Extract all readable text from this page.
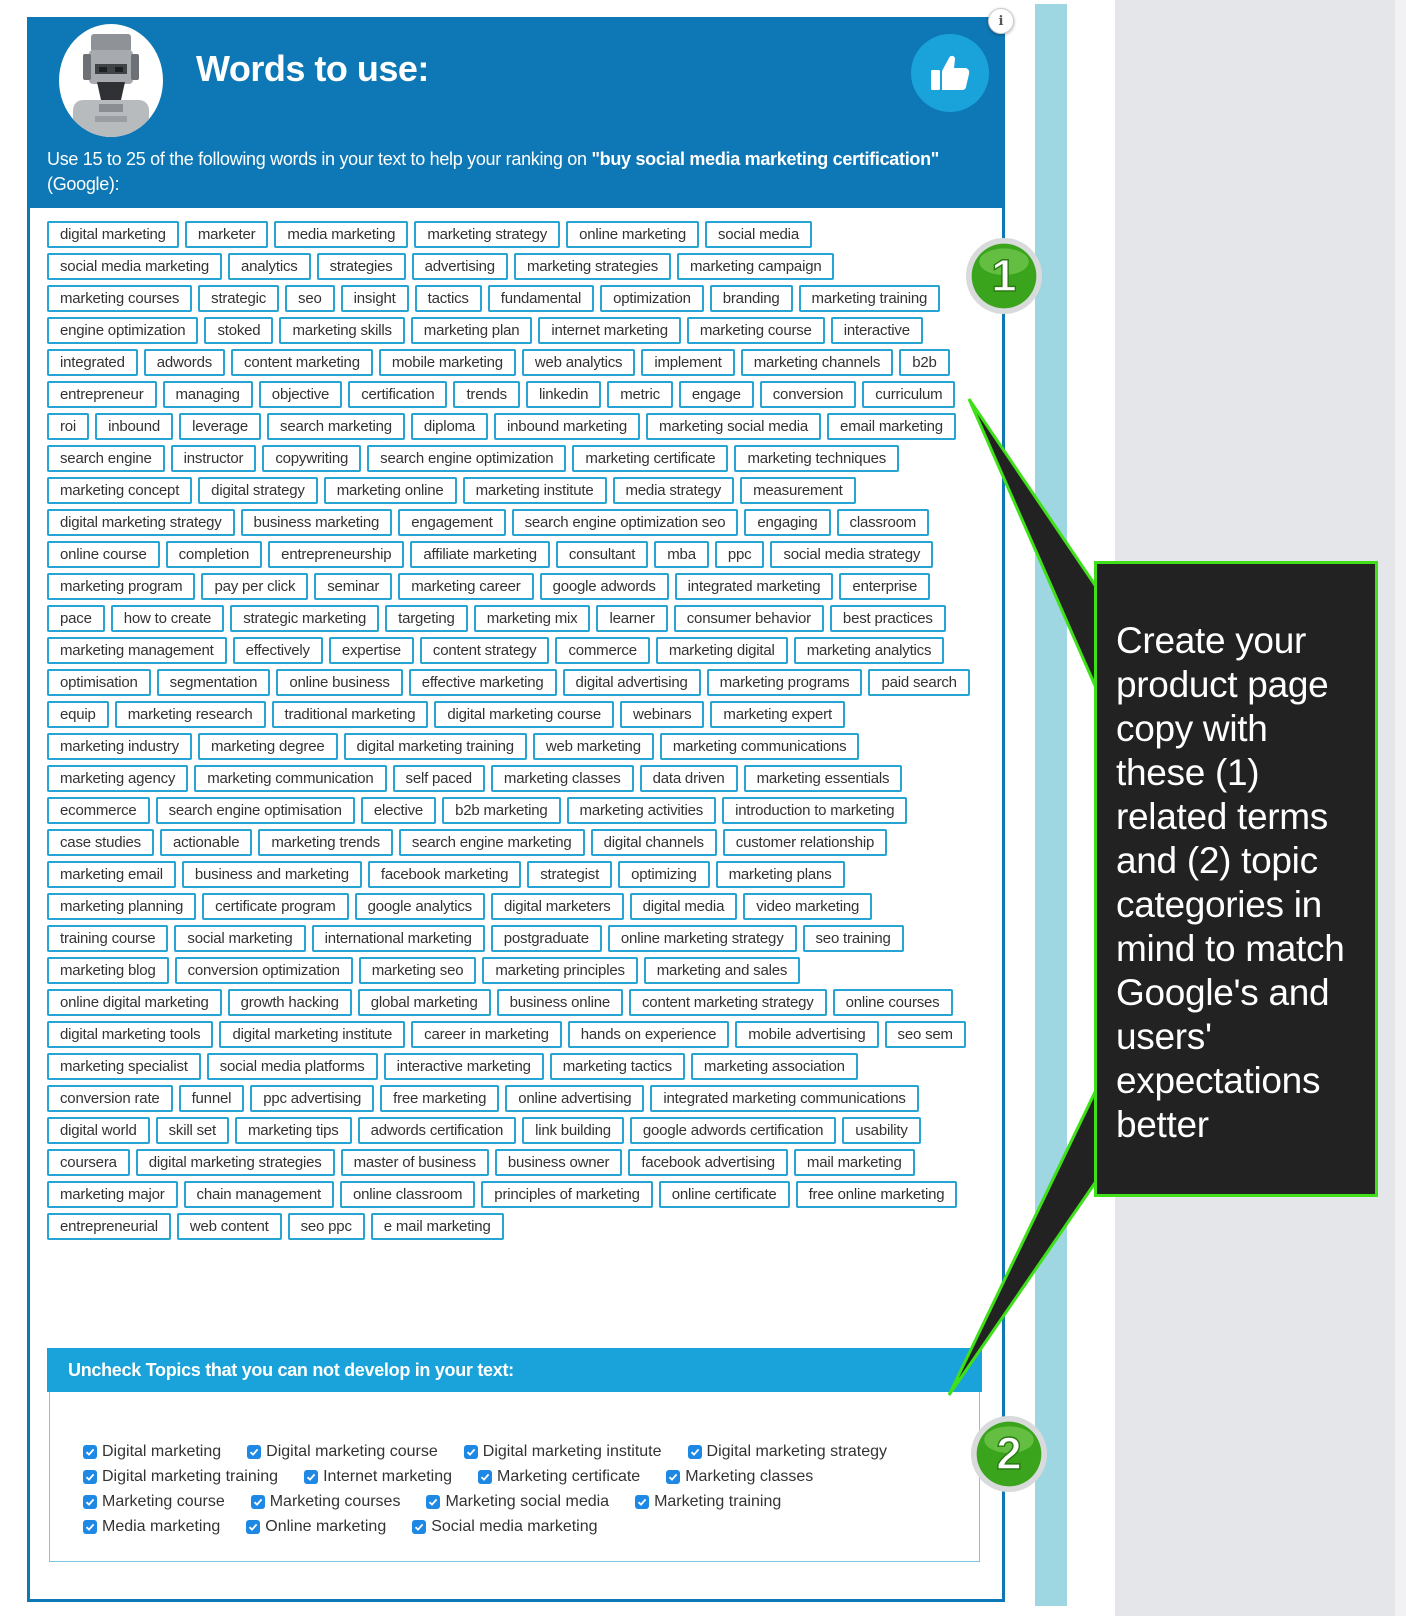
Words to use:
Use 15 to 25 of the following words in your text to help your ranking on "buy social media marketing certification" (Google):
i
digital marketing	marketer	media marketing	marketing strategy	online marketing	social media
social media marketing	analytics	strategies	advertising	marketing strategies	marketing campaign
marketing courses	strategic	seo	insight	tactics	fundamental	optimization	branding	marketing training
engine optimization	stoked	marketing skills	marketing plan	internet marketing	marketing course	interactive
integrated	adwords	content marketing	mobile marketing	web analytics	implement	marketing channels	b2b
entrepreneur	managing	objective	certification	trends	linkedin	metric	engage	conversion	curriculum
roi	inbound	leverage	search marketing	diploma	inbound marketing	marketing social media	email marketing
search engine	instructor	copywriting	search engine optimization	marketing certificate	marketing techniques
marketing concept	digital strategy	marketing online	marketing institute	media strategy	measurement
digital marketing strategy	business marketing	engagement	search engine optimization seo	engaging	classroom
online course	completion	entrepreneurship	affiliate marketing	consultant	mba	ppc	social media strategy
marketing program	pay per click	seminar	marketing career	google adwords	integrated marketing	enterprise
pace	how to create	strategic marketing	targeting	marketing mix	learner	consumer behavior	best practices
marketing management	effectively	expertise	content strategy	commerce	marketing digital	marketing analytics
optimisation	segmentation	online business	effective marketing	digital advertising	marketing programs	paid search
equip	marketing research	traditional marketing	digital marketing course	webinars	marketing expert
marketing industry	marketing degree	digital marketing training	web marketing	marketing communications
marketing agency	marketing communication	self paced	marketing classes	data driven	marketing essentials
ecommerce	search engine optimisation	elective	b2b marketing	marketing activities	introduction to marketing
case studies	actionable	marketing trends	search engine marketing	digital channels	customer relationship
marketing email	business and marketing	facebook marketing	strategist	optimizing	marketing plans
marketing planning	certificate program	google analytics	digital marketers	digital media	video marketing
training course	social marketing	international marketing	postgraduate	online marketing strategy	seo training
marketing blog	conversion optimization	marketing seo	marketing principles	marketing and sales
online digital marketing	growth hacking	global marketing	business online	content marketing strategy	online courses
digital marketing tools	digital marketing institute	career in marketing	hands on experience	mobile advertising	seo sem
marketing specialist	social media platforms	interactive marketing	marketing tactics	marketing association
conversion rate	funnel	ppc advertising	free marketing	online advertising	integrated marketing communications
digital world	skill set	marketing tips	adwords certification	link building	google adwords certification	usability
coursera	digital marketing strategies	master of business	business owner	facebook advertising	mail marketing
marketing major	chain management	online classroom	principles of marketing	online certificate	free online marketing
entrepreneurial	web content	seo ppc	e mail marketing
Uncheck Topics that you can not develop in your text:
Digital marketing	Digital marketing course	Digital marketing institute	Digital marketing strategy
Digital marketing training	Internet marketing	Marketing certificate	Marketing classes
Marketing course	Marketing courses	Marketing social media	Marketing training
Media marketing	Online marketing	Social media marketing
Create your product page copy with these (1) related terms and (2) topic categories in mind to match Google's and users' expectations better
1
2
